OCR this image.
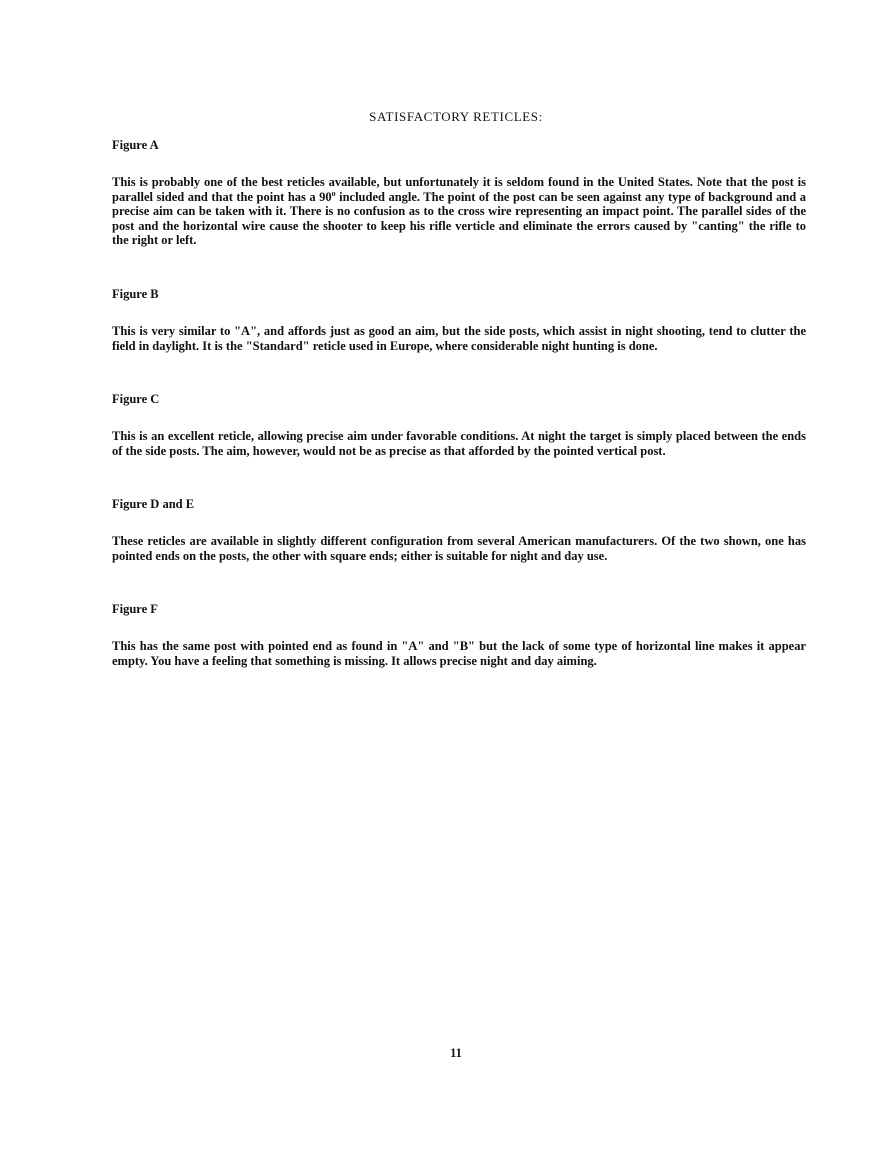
SATISFACTORY RETICLES:

Figure A

This is probably one of the best reticles available, but unfortunately it is seldom found in the United States. Note that the post is parallel sided and that the point has a 90$^o$ included angle. The point of the post can be seen against any type of background and a precise aim can be taken with it. There is no confusion as to the cross wire representing an impact point. The parallel sides of the post and the horizontal wire cause the shooter to keep his rifle verticle and eliminate the errors caused by "canting" the rifle to the right or left.

Figure B

This is very similar to "A", and affords just as good an aim, but the side posts, which assist in night shooting, tend to clutter the field in daylight. It is the "Standard" reticle used in Europe, where considerable night hunting is done.

Figure C

This is an excellent reticle, allowing precise aim under favorable conditions. At night the target is simply placed between the ends of the side posts. The aim, however, would not be as precise as that afforded by the pointed vertical post.

Figure D and E

These reticles are available in slightly different configuration from several American manufacturers. Of the two shown, one has pointed ends on the posts, the other with square ends; either is suitable for night and day use.

Figure F

This has the same post with pointed end as found in "A" and "B" but the lack of some type of horizontal line makes it appear empty. You have a feeling that something is missing. It allows precise night and day aiming.

11
